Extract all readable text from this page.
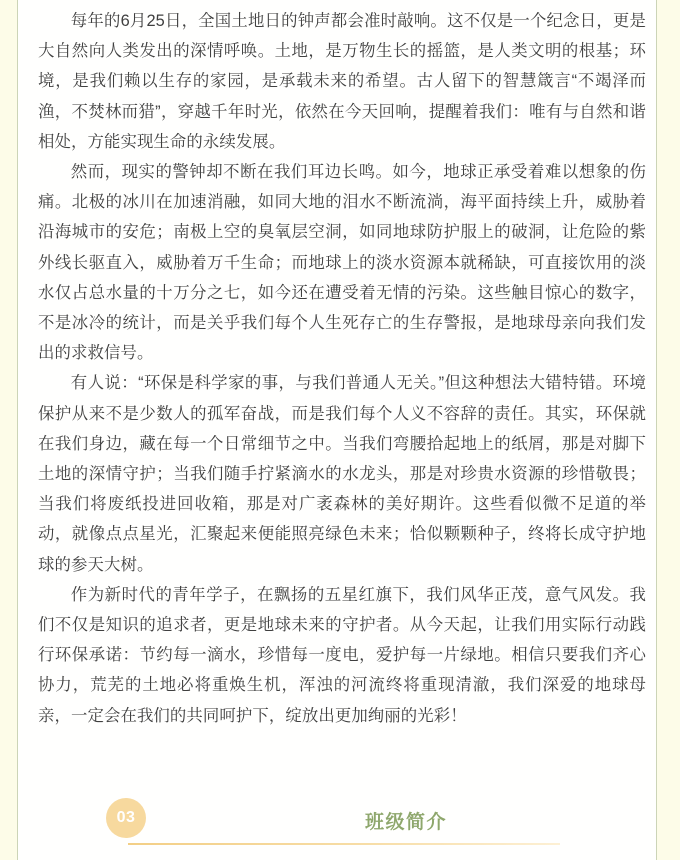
每年的6月25日，全国土地日的钟声都会准时敲响。这不仅是一个纪念日，更是大自然向人类发出的深情呼唤。土地，是万物生长的摇篮，是人类文明的根基；环境，是我们赖以生存的家园，是承载未来的希望。古人留下的智慧箴言“不竭泽而渔，不焚林而猎”，穿越千年时光，依然在今天回响，提醒着我们：唯有与自然和谐相处，方能实现生命的永续发展。

然而，现实的警钟却不断在我们耳边长鸣。如今，地球正承受着难以想象的伤痛。北极的冰川在加速消融，如同大地的泪水不断流淌，海平面持续上升，威胁着沿海城市的安危；南极上空的臭氧层空洞，如同地球防护服上的破洞，让危险的紫外线长驱直入，威胁着万千生命；而地球上的淡水资源本就稀缺，可直接饮用的淡水仅占总水量的十万分之七，如今还在遭受着无情的污染。这些触目惊心的数字，不是冰冷的统计，而是关乎我们每个人生死存亡的生存警报，是地球母亲向我们发出的求救信号。

有人说：“环保是科学家的事，与我们普通人无关。”但这种想法大错特错。环境保护从来不是少数人的孤军奋战，而是我们每个人义不容辞的责任。其实，环保就在我们身边，藏在每一个日常细节之中。当我们弯腰拾起地上的纸屑，那是对脚下土地的深情守护；当我们随手拧紧滴水的水龙头，那是对珍贵水资源的珍惜敬畏；当我们将废纸投进回收箱，那是对广袤森林的美好期许。这些看似微不足道的举动，就像点点星光，汇聚起来便能照亮绿色未来；恰似颗颗种子，终将长成守护地球的参天大树。

作为新时代的青年学子，在飘扬的五星红旗下，我们风华正茂，意气风发。我们不仅是知识的追求者，更是地球未来的守护者。从今天起，让我们用实际行动践行环保承诺：节约每一滴水，珍惜每一度电，爱护每一片绿地。相信只要我们齐心协力，荒芜的土地必将重焕生机，浑浊的河流终将重现清澈，我们深爱的地球母亲，一定会在我们的共同呵护下，绽放出更加绚丽的光彩！

03	班级简介
